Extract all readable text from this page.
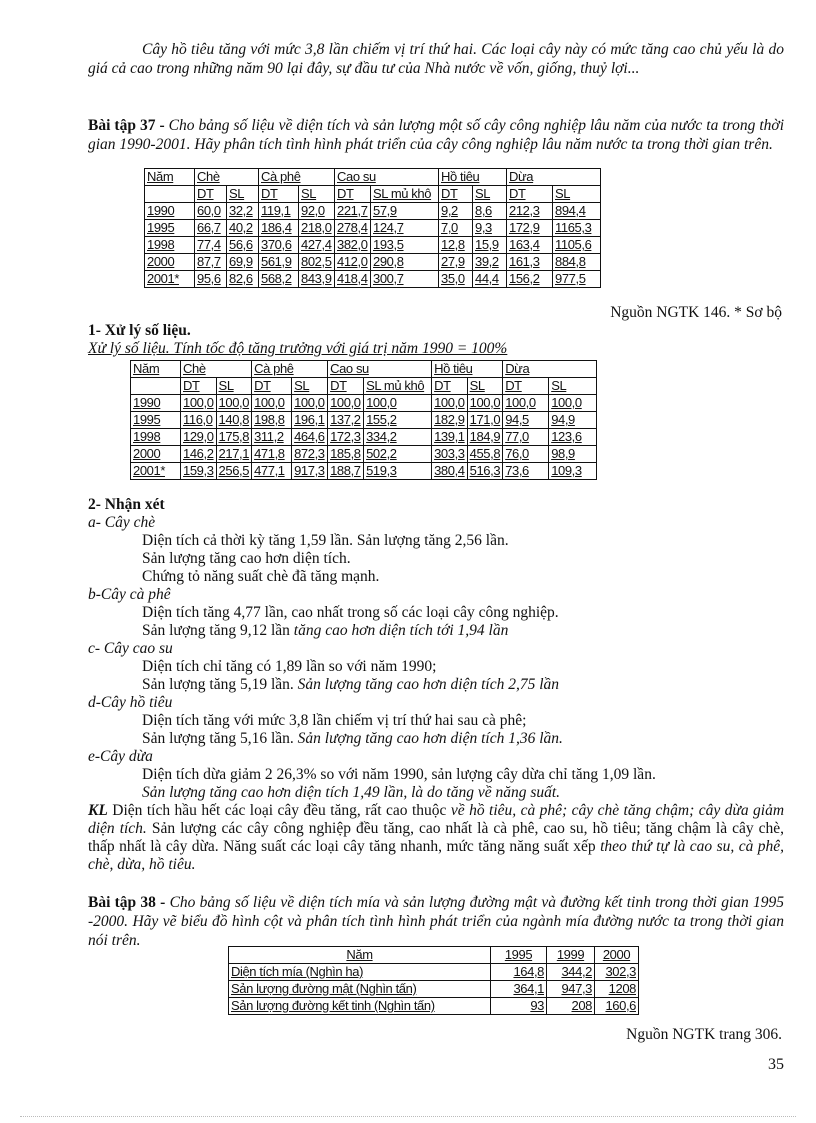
Cây hồ tiêu tăng với mức 3,8 lần chiếm vị trí thứ hai. Các loại cây này có mức tăng cao chủ yếu là do giá cả cao trong những năm 90 lại đây, sự đầu tư của Nhà nước về vốn, giống, thuỷ lợi...
Bài tập 37 - Cho bảng số liệu về diện tích và sản lượng một số cây công nghiệp lâu năm của nước ta trong thời gian 1990-2001. Hãy phân tích tình hình phát triển của cây công nghiệp lâu năm nước ta trong thời gian trên.
Năm	Chè		Cà phê		Cao su		Hồ tiêu		Dừa	
	DT	SL	DT	SL	DT	SL mủ khô	DT	SL	DT	SL
1990	60,0	32,2	119,1	92,0	221,7	57,9	9,2	8,6	212,3	894,4
1995	66,7	40,2	186,4	218,0	278,4	124,7	7,0	9,3	172,9	1165,3
1998	77,4	56,6	370,6	427,4	382,0	193,5	12,8	15,9	163,4	1105,6
2000	87,7	69,9	561,9	802,5	412,0	290,8	27,9	39,2	161,3	884,8
2001*	95,6	82,6	568,2	843,9	418,4	300,7	35,0	44,4	156,2	977,5
Nguồn NGTK 146. * Sơ bộ
1- Xử lý số liệu.
Xử lý số liệu. Tính tốc độ tăng trưởng với giá trị năm 1990 = 100%
Năm	Chè		Cà phê		Cao su		Hồ tiêu		Dừa	
	DT	SL	DT	SL	DT	SL mủ khô	DT	SL	DT	SL
1990	100,0	100,0	100,0	100,0	100,0	100,0	100,0	100,0	100,0	100,0
1995	116,0	140,8	198,8	196,1	137,2	155,2	182,9	171,0	94,5	94,9
1998	129,0	175,8	311,2	464,6	172,3	334,2	139,1	184,9	77,0	123,6
2000	146,2	217,1	471,8	872,3	185,8	502,2	303,3	455,8	76,0	98,9
2001*	159,3	256,5	477,1	917,3	188,7	519,3	380,4	516,3	73,6	109,3
2- Nhận xét
a- Cây chè
Diện tích cả thời kỳ tăng 1,59 lần. Sản lượng tăng 2,56 lần.
Sản lượng tăng cao hơn diện tích.
Chứng tỏ năng suất chè đã tăng mạnh.
b-Cây cà phê
Diện tích tăng 4,77 lần, cao nhất trong số các loại cây công nghiệp.
Sản lượng tăng 9,12 lần tăng cao hơn diện tích tới 1,94 lần
c- Cây cao su
Diện tích chỉ tăng có 1,89 lần so với năm 1990;
Sản lượng tăng 5,19 lần. Sản lượng tăng cao hơn diện tích 2,75 lần
d-Cây hồ tiêu
Diện tích tăng với mức 3,8 lần chiếm vị trí thứ hai sau cà phê;
Sản lượng tăng 5,16 lần. Sản lượng tăng cao hơn diện tích 1,36 lần.
e-Cây dừa
Diện tích dừa giảm 2 26,3% so với năm 1990, sản lượng cây dừa chỉ tăng 1,09 lần.
Sản lượng tăng cao hơn diện tích 1,49 lần, là do tăng về năng suất.
KL Diện tích hầu hết các loại cây đều tăng, rất cao thuộc về hồ tiêu, cà phê; cây chè tăng chậm; cây dừa giảm diện tích. Sản lượng các cây công nghiệp đều tăng, cao nhất là cà phê, cao su, hồ tiêu; tăng chậm là cây chè, thấp nhất là cây dừa. Năng suất các loại cây tăng nhanh, mức tăng năng suất xếp theo thứ tự là cao su, cà phê, chè, dừa, hồ tiêu.
Bài tập 38 - Cho bảng số liệu về diện tích mía và sản lượng đường mật và đường kết tinh trong thời gian 1995 -2000. Hãy vẽ biểu đồ hình cột và phân tích tình hình phát triển của ngành mía đường nước ta trong thời gian nói trên.
Năm	1995	1999	2000
Diện tích mía (Nghìn ha)	164,8	344,2	302,3
Sản lượng đường mật (Nghìn tấn)	364,1	947,3	1208
Sản lượng đường kết tinh (Nghìn tấn)	93	208	160,6
Nguồn NGTK trang 306.
35
